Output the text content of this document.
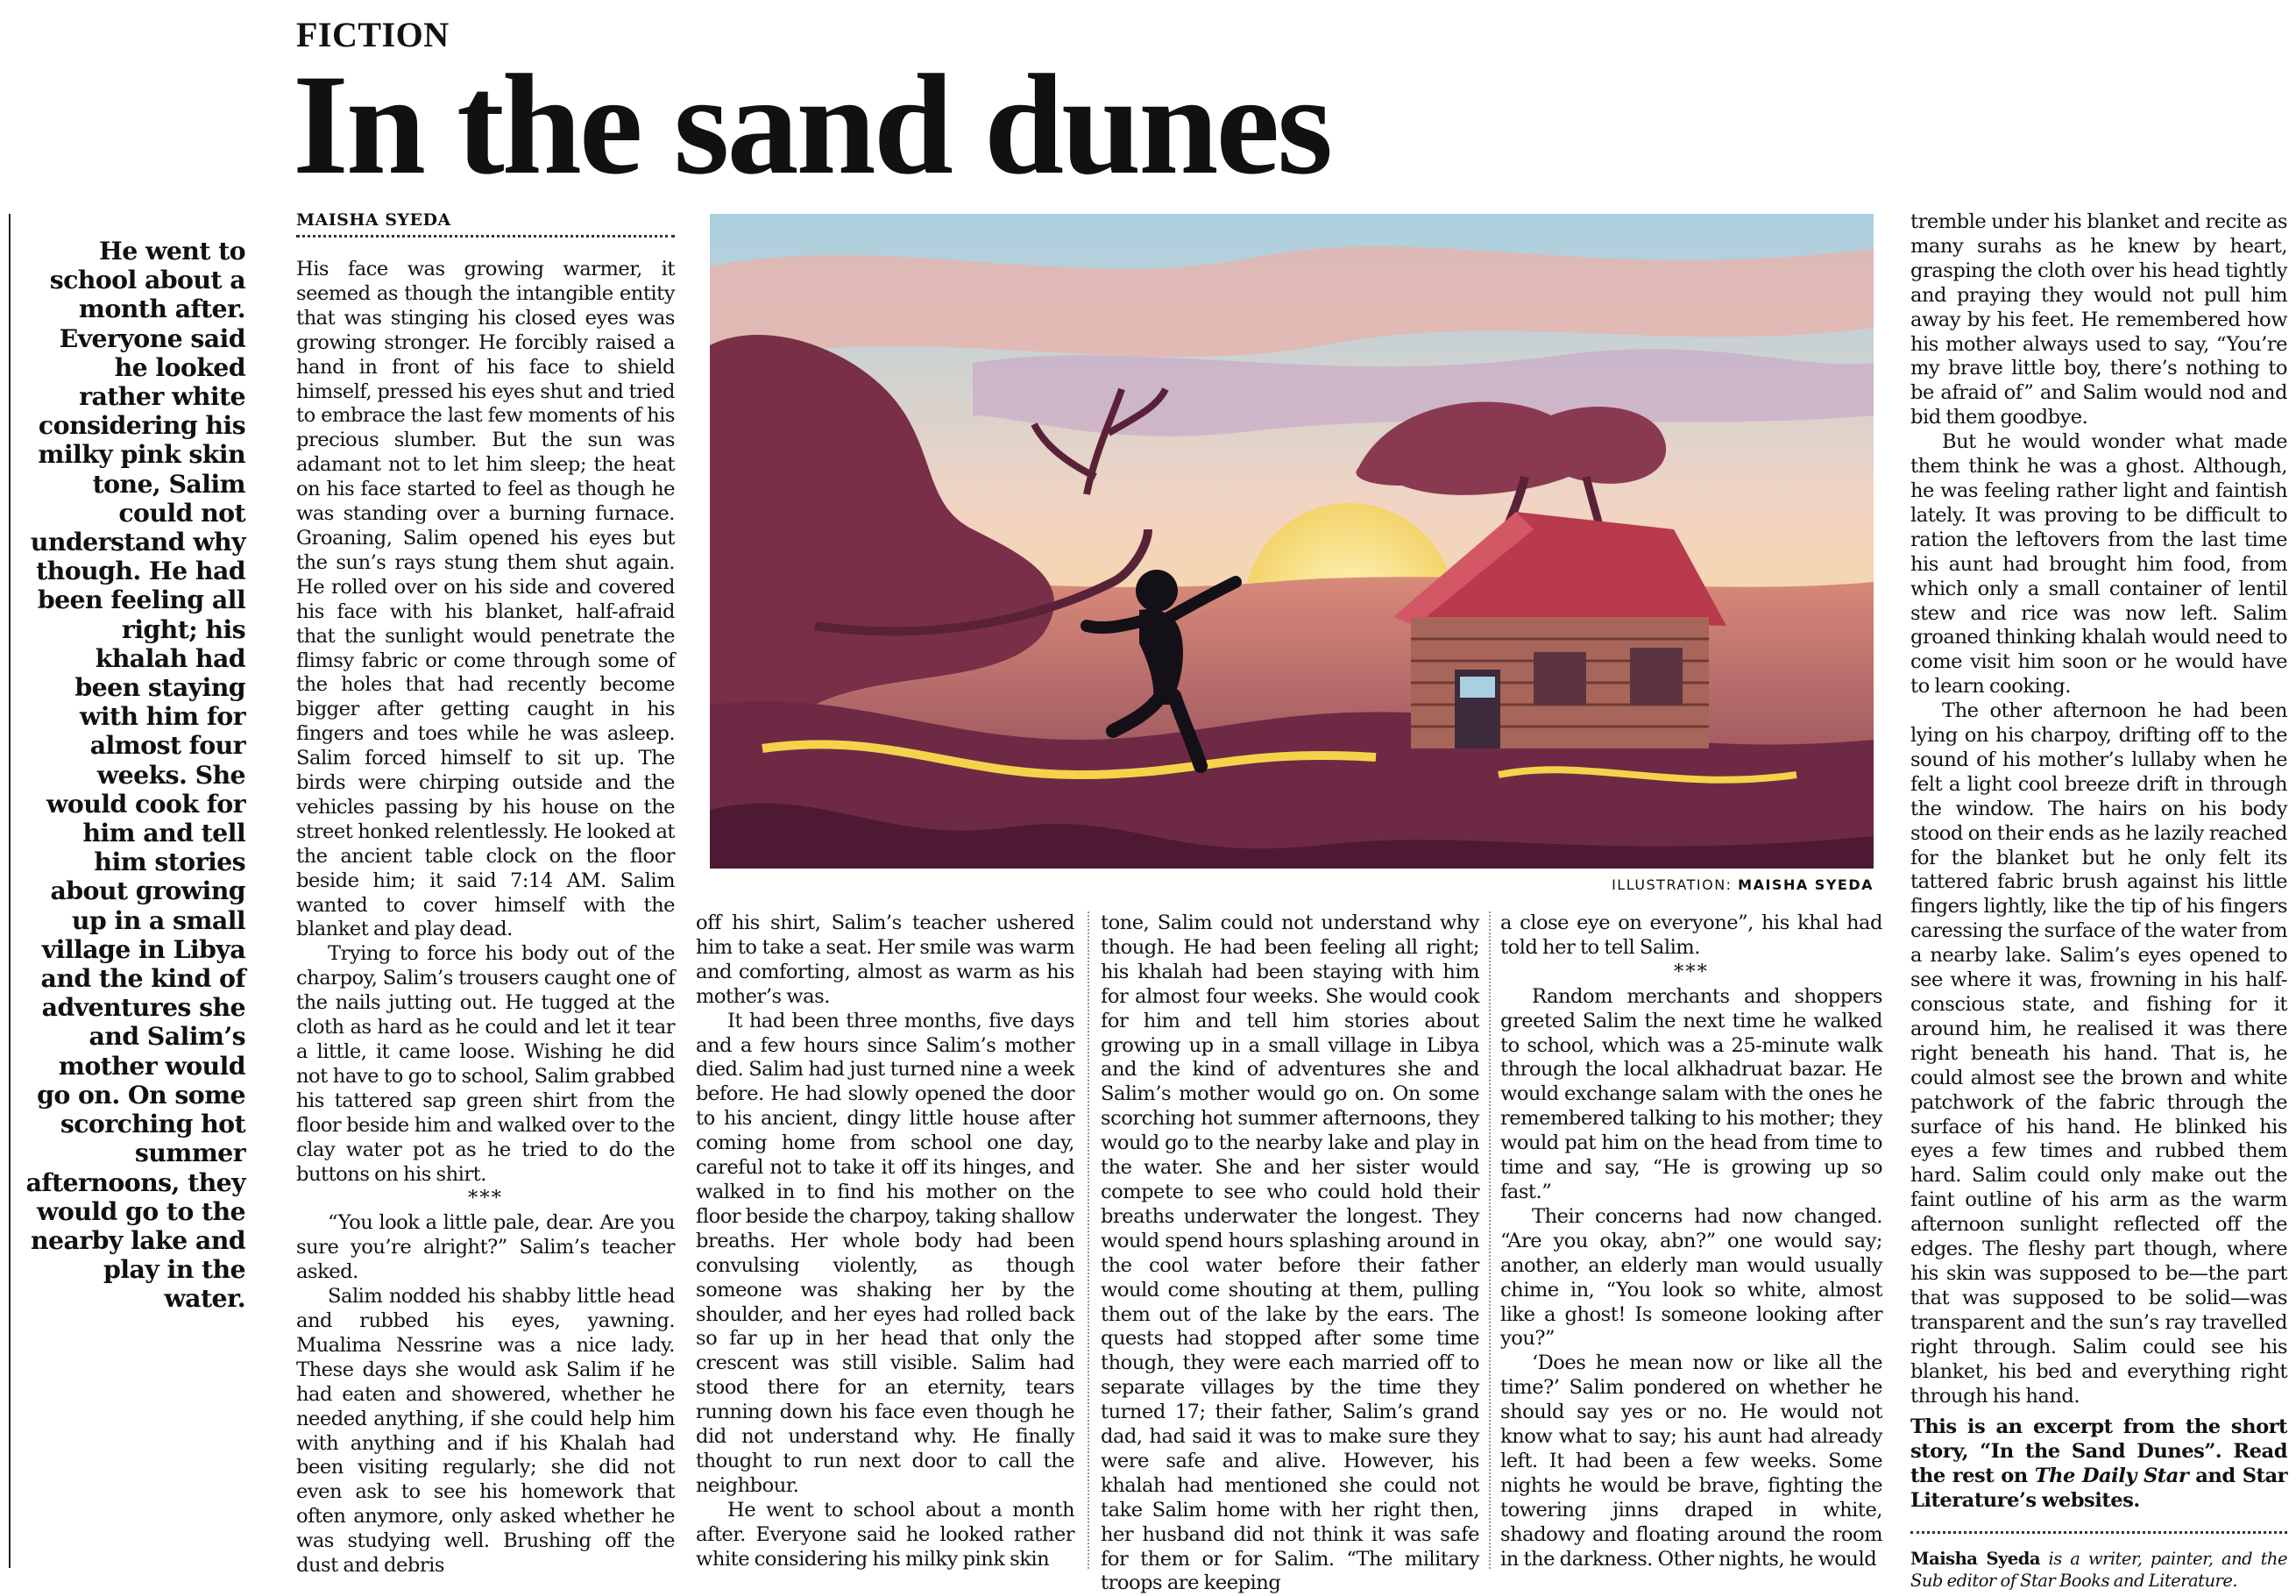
FICTION
In the sand dunes
He went to school about a month after. Everyone said he looked rather white considering his milky pink skin tone, Salim could not understand why though. He had been feeling all right; his khalah had been staying with him for almost four weeks. She would cook for him and tell him stories about growing up in a small village in Libya and the kind of adventures she and Salim’s mother would go on. On some scorching hot summer afternoons, they would go to the nearby lake and play in the water.
MAISHA SYEDA

His face was growing warmer, it seemed as though the intangible entity that was stinging his closed eyes was growing stronger. He forcibly raised a hand in front of his face to shield himself, pressed his eyes shut and tried to embrace the last few moments of his precious slumber. But the sun was adamant not to let him sleep; the heat on his face started to feel as though he was standing over a burning furnace. Groaning, Salim opened his eyes but the sun’s rays stung them shut again. He rolled over on his side and covered his face with his blanket, half-afraid that the sunlight would penetrate the flimsy fabric or come through some of the holes that had recently become bigger after getting caught in his fingers and toes while he was asleep. Salim forced himself to sit up. The birds were chirping outside and the vehicles passing by his house on the street honked relentlessly. He looked at the ancient table clock on the floor beside him; it said 7:14 AM. Salim wanted to cover himself with the blanket and play dead.

Trying to force his body out of the charpoy, Salim’s trousers caught one of the nails jutting out. He tugged at the cloth as hard as he could and let it tear a little, it came loose. Wishing he did not have to go to school, Salim grabbed his tattered sap green shirt from the floor beside him and walked over to the clay water pot as he tried to do the buttons on his shirt.

***

“You look a little pale, dear. Are you sure you’re alright?” Salim’s teacher asked.

Salim nodded his shabby little head and rubbed his eyes, yawning. Mualima Nessrine was a nice lady. These days she would ask Salim if he had eaten and showered, whether he needed anything, if she could help him with anything and if his Khalah had been visiting regularly; she did not even ask to see his homework that often anymore, only asked whether he was studying well. Brushing off the dust and debris

off his shirt, Salim’s teacher ushered him to take a seat. Her smile was warm and comforting, almost as warm as his mother’s was.

It had been three months, five days and a few hours since Salim’s mother died. Salim had just turned nine a week before. He had slowly opened the door to his ancient, dingy little house after coming home from school one day, careful not to take it off its hinges, and walked in to find his mother on the floor beside the charpoy, taking shallow breaths. Her whole body had been convulsing violently, as though someone was shaking her by the shoulder, and her eyes had rolled back so far up in her head that only the crescent was still visible. Salim had stood there for an eternity, tears running down his face even though he did not understand why. He finally thought to run next door to call the neighbour.

He went to school about a month after. Everyone said he looked rather white considering his milky pink skin

tone, Salim could not understand why though. He had been feeling all right; his khalah had been staying with him for almost four weeks. She would cook for him and tell him stories about growing up in a small village in Libya and the kind of adventures she and Salim’s mother would go on. On some scorching hot summer afternoons, they would go to the nearby lake and play in the water. She and her sister would compete to see who could hold their breaths underwater the longest. They would spend hours splashing around in the cool water before their father would come shouting at them, pulling them out of the lake by the ears. The quests had stopped after some time though, they were each married off to separate villages by the time they turned 17; their father, Salim’s grand dad, had said it was to make sure they were safe and alive. However, his khalah had mentioned she could not take Salim home with her right then, her husband did not think it was safe for them or for Salim. “The military troops are keeping

a close eye on everyone”, his khal had told her to tell Salim.

***

Random merchants and shoppers greeted Salim the next time he walked to school, which was a 25-minute walk through the local alkhadruat bazar. He would exchange salam with the ones he remembered talking to his mother; they would pat him on the head from time to time and say, “He is growing up so fast.”

Their concerns had now changed. “Are you okay, abn?” one would say; another, an elderly man would usually chime in, “You look so white, almost like a ghost! Is someone looking after you?”

‘Does he mean now or like all the time?’ Salim pondered on whether he should say yes or no. He would not know what to say; his aunt had already left. It had been a few weeks. Some nights he would be brave, fighting the towering jinns draped in white, shadowy and floating around the room in the darkness. Other nights, he would

tremble under his blanket and recite as many surahs as he knew by heart, grasping the cloth over his head tightly and praying they would not pull him away by his feet. He remembered how his mother always used to say, “You’re my brave little boy, there’s nothing to be afraid of” and Salim would nod and bid them goodbye.

But he would wonder what made them think he was a ghost. Although, he was feeling rather light and faintish lately. It was proving to be difficult to ration the leftovers from the last time his aunt had brought him food, from which only a small container of lentil stew and rice was now left. Salim groaned thinking khalah would need to come visit him soon or he would have to learn cooking.

The other afternoon he had been lying on his charpoy, drifting off to the sound of his mother’s lullaby when he felt a light cool breeze drift in through the window. The hairs on his body stood on their ends as he lazily reached for the blanket but he only felt its tattered fabric brush against his little fingers lightly, like the tip of his fingers caressing the surface of the water from a nearby lake. Salim’s eyes opened to see where it was, frowning in his half-conscious state, and fishing for it around him, he realised it was there right beneath his hand. That is, he could almost see the brown and white patchwork of the fabric through the surface of his hand. He blinked his eyes a few times and rubbed them hard. Salim could only make out the faint outline of his arm as the warm afternoon sunlight reflected off the edges. The fleshy part though, where his skin was supposed to be—the part that was supposed to be solid—was transparent and the sun’s ray travelled right through. Salim could see his blanket, his bed and everything right through his hand.

This is an excerpt from the short story, “In the Sand Dunes”. Read the rest on The Daily Star and Star Literature’s websites.

Maisha Syeda is a writer, painter, and the Sub editor of Star Books and Literature.

ILLUSTRATION: MAISHA SYEDA
